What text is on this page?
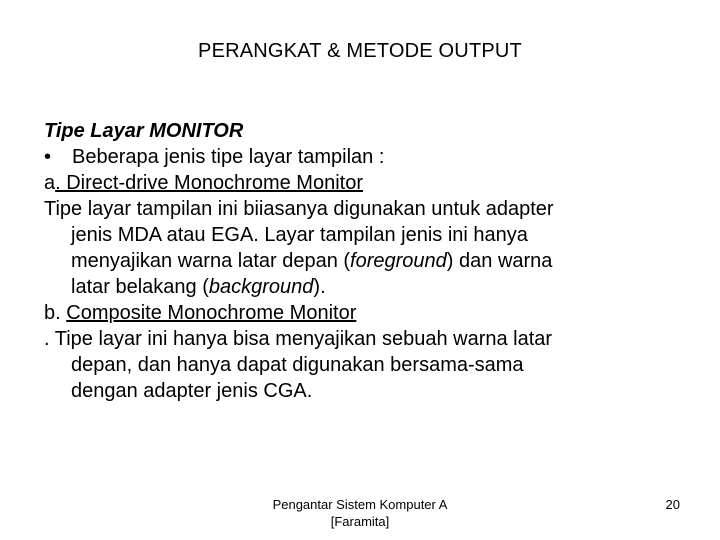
PERANGKAT & METODE OUTPUT
Tipe Layar MONITOR
• Beberapa jenis tipe layar tampilan :
a. Direct-drive Monochrome Monitor
Tipe layar tampilan ini biiasanya digunakan untuk adapter
jenis MDA atau EGA. Layar tampilan jenis ini hanya
menyajikan warna latar depan (foreground) dan warna
latar belakang (background).
b. Composite Monochrome Monitor
. Tipe layar ini hanya bisa menyajikan sebuah warna latar
depan, dan hanya dapat digunakan bersama-sama
dengan adapter jenis CGA.
Pengantar Sistem Komputer A
[Faramita]
20
